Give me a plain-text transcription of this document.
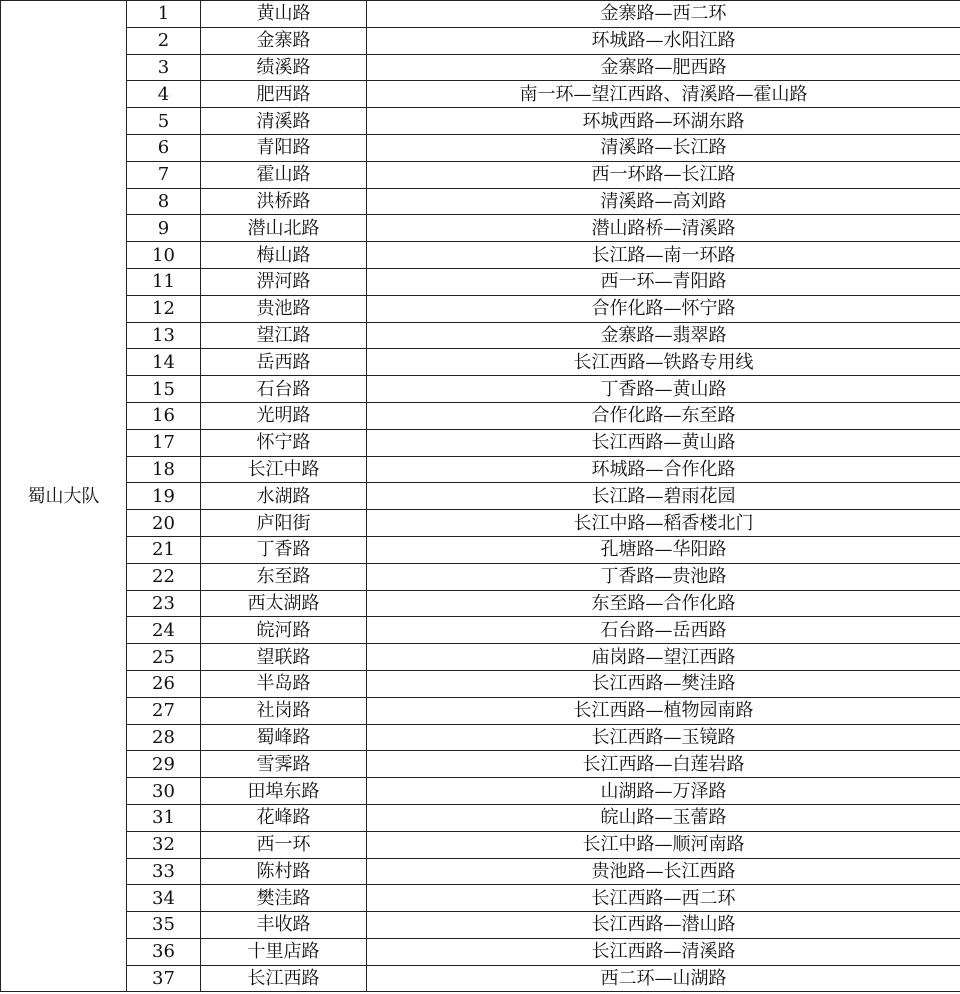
蜀山大队	1	黄山路	金寨路—西二环
	2	金寨路	环城路—水阳江路
	3	绩溪路	金寨路—肥西路
	4	肥西路	南一环—望江西路、清溪路—霍山路
	5	清溪路	环城西路—环湖东路
	6	青阳路	清溪路—长江路
	7	霍山路	西一环路—长江路
	8	洪桥路	清溪路—高刘路
	9	潜山北路	潜山路桥—清溪路
	10	梅山路	长江路—南一环路
	11	淠河路	西一环—青阳路
	12	贵池路	合作化路—怀宁路
	13	望江路	金寨路—翡翠路
	14	岳西路	长江西路—铁路专用线
	15	石台路	丁香路—黄山路
	16	光明路	合作化路—东至路
	17	怀宁路	长江西路—黄山路
	18	长江中路	环城路—合作化路
	19	水湖路	长江路—碧雨花园
	20	庐阳街	长江中路—稻香楼北门
	21	丁香路	孔塘路—华阳路
	22	东至路	丁香路—贵池路
	23	西太湖路	东至路—合作化路
	24	皖河路	石台路—岳西路
	25	望联路	庙岗路—望江西路
	26	半岛路	长江西路—樊洼路
	27	社岗路	长江西路—植物园南路
	28	蜀峰路	长江西路—玉镜路
	29	雪霁路	长江西路—白莲岩路
	30	田埠东路	山湖路—万泽路
	31	花峰路	皖山路—玉蕾路
	32	西一环	长江中路—顺河南路
	33	陈村路	贵池路—长江西路
	34	樊洼路	长江西路—西二环
	35	丰收路	长江西路—潜山路
	36	十里店路	长江西路—清溪路
	37	长江西路	西二环—山湖路
